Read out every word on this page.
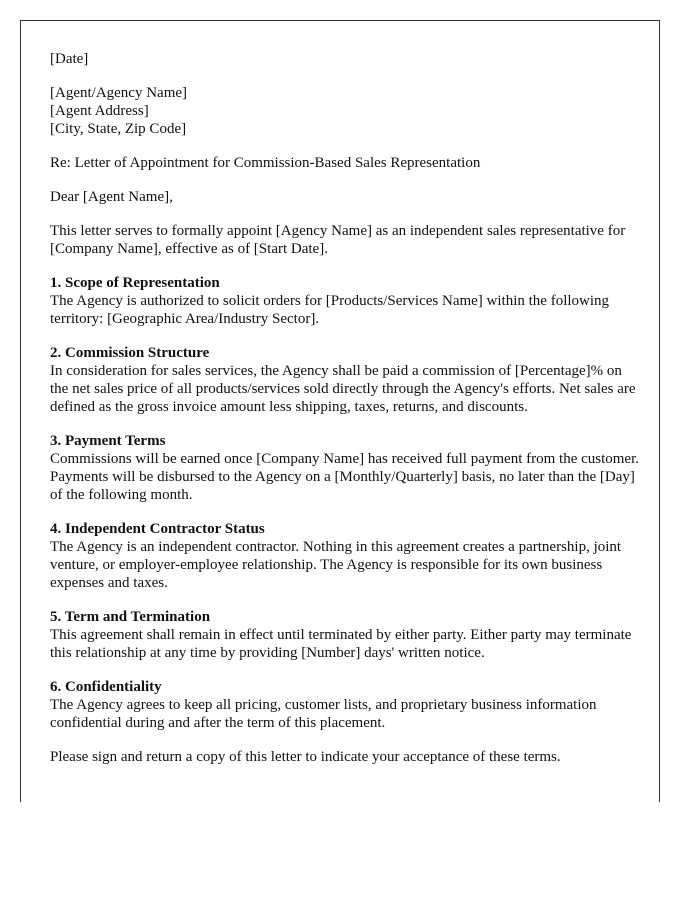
[Date]

[Agent/Agency Name]
[Agent Address]
[City, State, Zip Code]

Re: Letter of Appointment for Commission-Based Sales Representation

Dear [Agent Name],

This letter serves to formally appoint [Agency Name] as an independent sales representative for [Company Name], effective as of [Start Date].

1. Scope of Representation
The Agency is authorized to solicit orders for [Products/Services Name] within the following territory: [Geographic Area/Industry Sector].

2. Commission Structure
In consideration for sales services, the Agency shall be paid a commission of [Percentage]% on the net sales price of all products/services sold directly through the Agency's efforts. Net sales are defined as the gross invoice amount less shipping, taxes, returns, and discounts.

3. Payment Terms
Commissions will be earned once [Company Name] has received full payment from the customer. Payments will be disbursed to the Agency on a [Monthly/Quarterly] basis, no later than the [Day] of the following month.

4. Independent Contractor Status
The Agency is an independent contractor. Nothing in this agreement creates a partnership, joint venture, or employer-employee relationship. The Agency is responsible for its own business expenses and taxes.

5. Term and Termination
This agreement shall remain in effect until terminated by either party. Either party may terminate this relationship at any time by providing [Number] days' written notice.

6. Confidentiality
The Agency agrees to keep all pricing, customer lists, and proprietary business information confidential during and after the term of this placement.

Please sign and return a copy of this letter to indicate your acceptance of these terms.
